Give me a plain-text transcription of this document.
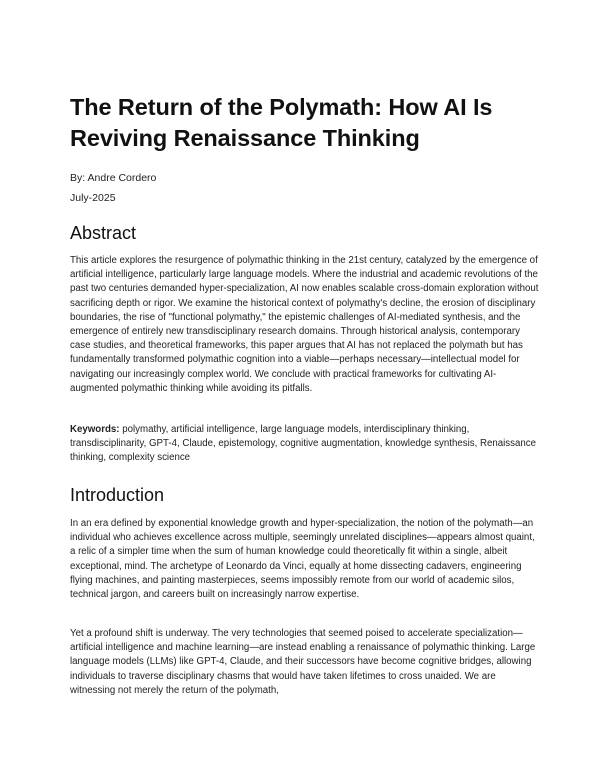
The Return of the Polymath: How AI Is Reviving Renaissance Thinking
By: Andre Cordero
July-2025
Abstract

This article explores the resurgence of polymathic thinking in the 21st century, catalyzed by the emergence of artificial intelligence, particularly large language models. Where the industrial and academic revolutions of the past two centuries demanded hyper-specialization, AI now enables scalable cross-domain exploration without sacrificing depth or rigor. We examine the historical context of polymathy's decline, the erosion of disciplinary boundaries, the rise of "functional polymathy," the epistemic challenges of AI-mediated synthesis, and the emergence of entirely new transdisciplinary research domains. Through historical analysis, contemporary case studies, and theoretical frameworks, this paper argues that AI has not replaced the polymath but has fundamentally transformed polymathic cognition into a viable—perhaps necessary—intellectual model for navigating our increasingly complex world. We conclude with practical frameworks for cultivating AI-augmented polymathic thinking while avoiding its pitfalls.

Keywords: polymathy, artificial intelligence, large language models, interdisciplinary thinking, transdisciplinarity, GPT-4, Claude, epistemology, cognitive augmentation, knowledge synthesis, Renaissance thinking, complexity science

Introduction

In an era defined by exponential knowledge growth and hyper-specialization, the notion of the polymath—an individual who achieves excellence across multiple, seemingly unrelated disciplines—appears almost quaint, a relic of a simpler time when the sum of human knowledge could theoretically fit within a single, albeit exceptional, mind. The archetype of Leonardo da Vinci, equally at home dissecting cadavers, engineering flying machines, and painting masterpieces, seems impossibly remote from our world of academic silos, technical jargon, and careers built on increasingly narrow expertise.

Yet a profound shift is underway. The very technologies that seemed poised to accelerate specialization—artificial intelligence and machine learning—are instead enabling a renaissance of polymathic thinking. Large language models (LLMs) like GPT-4, Claude, and their successors have become cognitive bridges, allowing individuals to traverse disciplinary chasms that would have taken lifetimes to cross unaided. We are witnessing not merely the return of the polymath,
